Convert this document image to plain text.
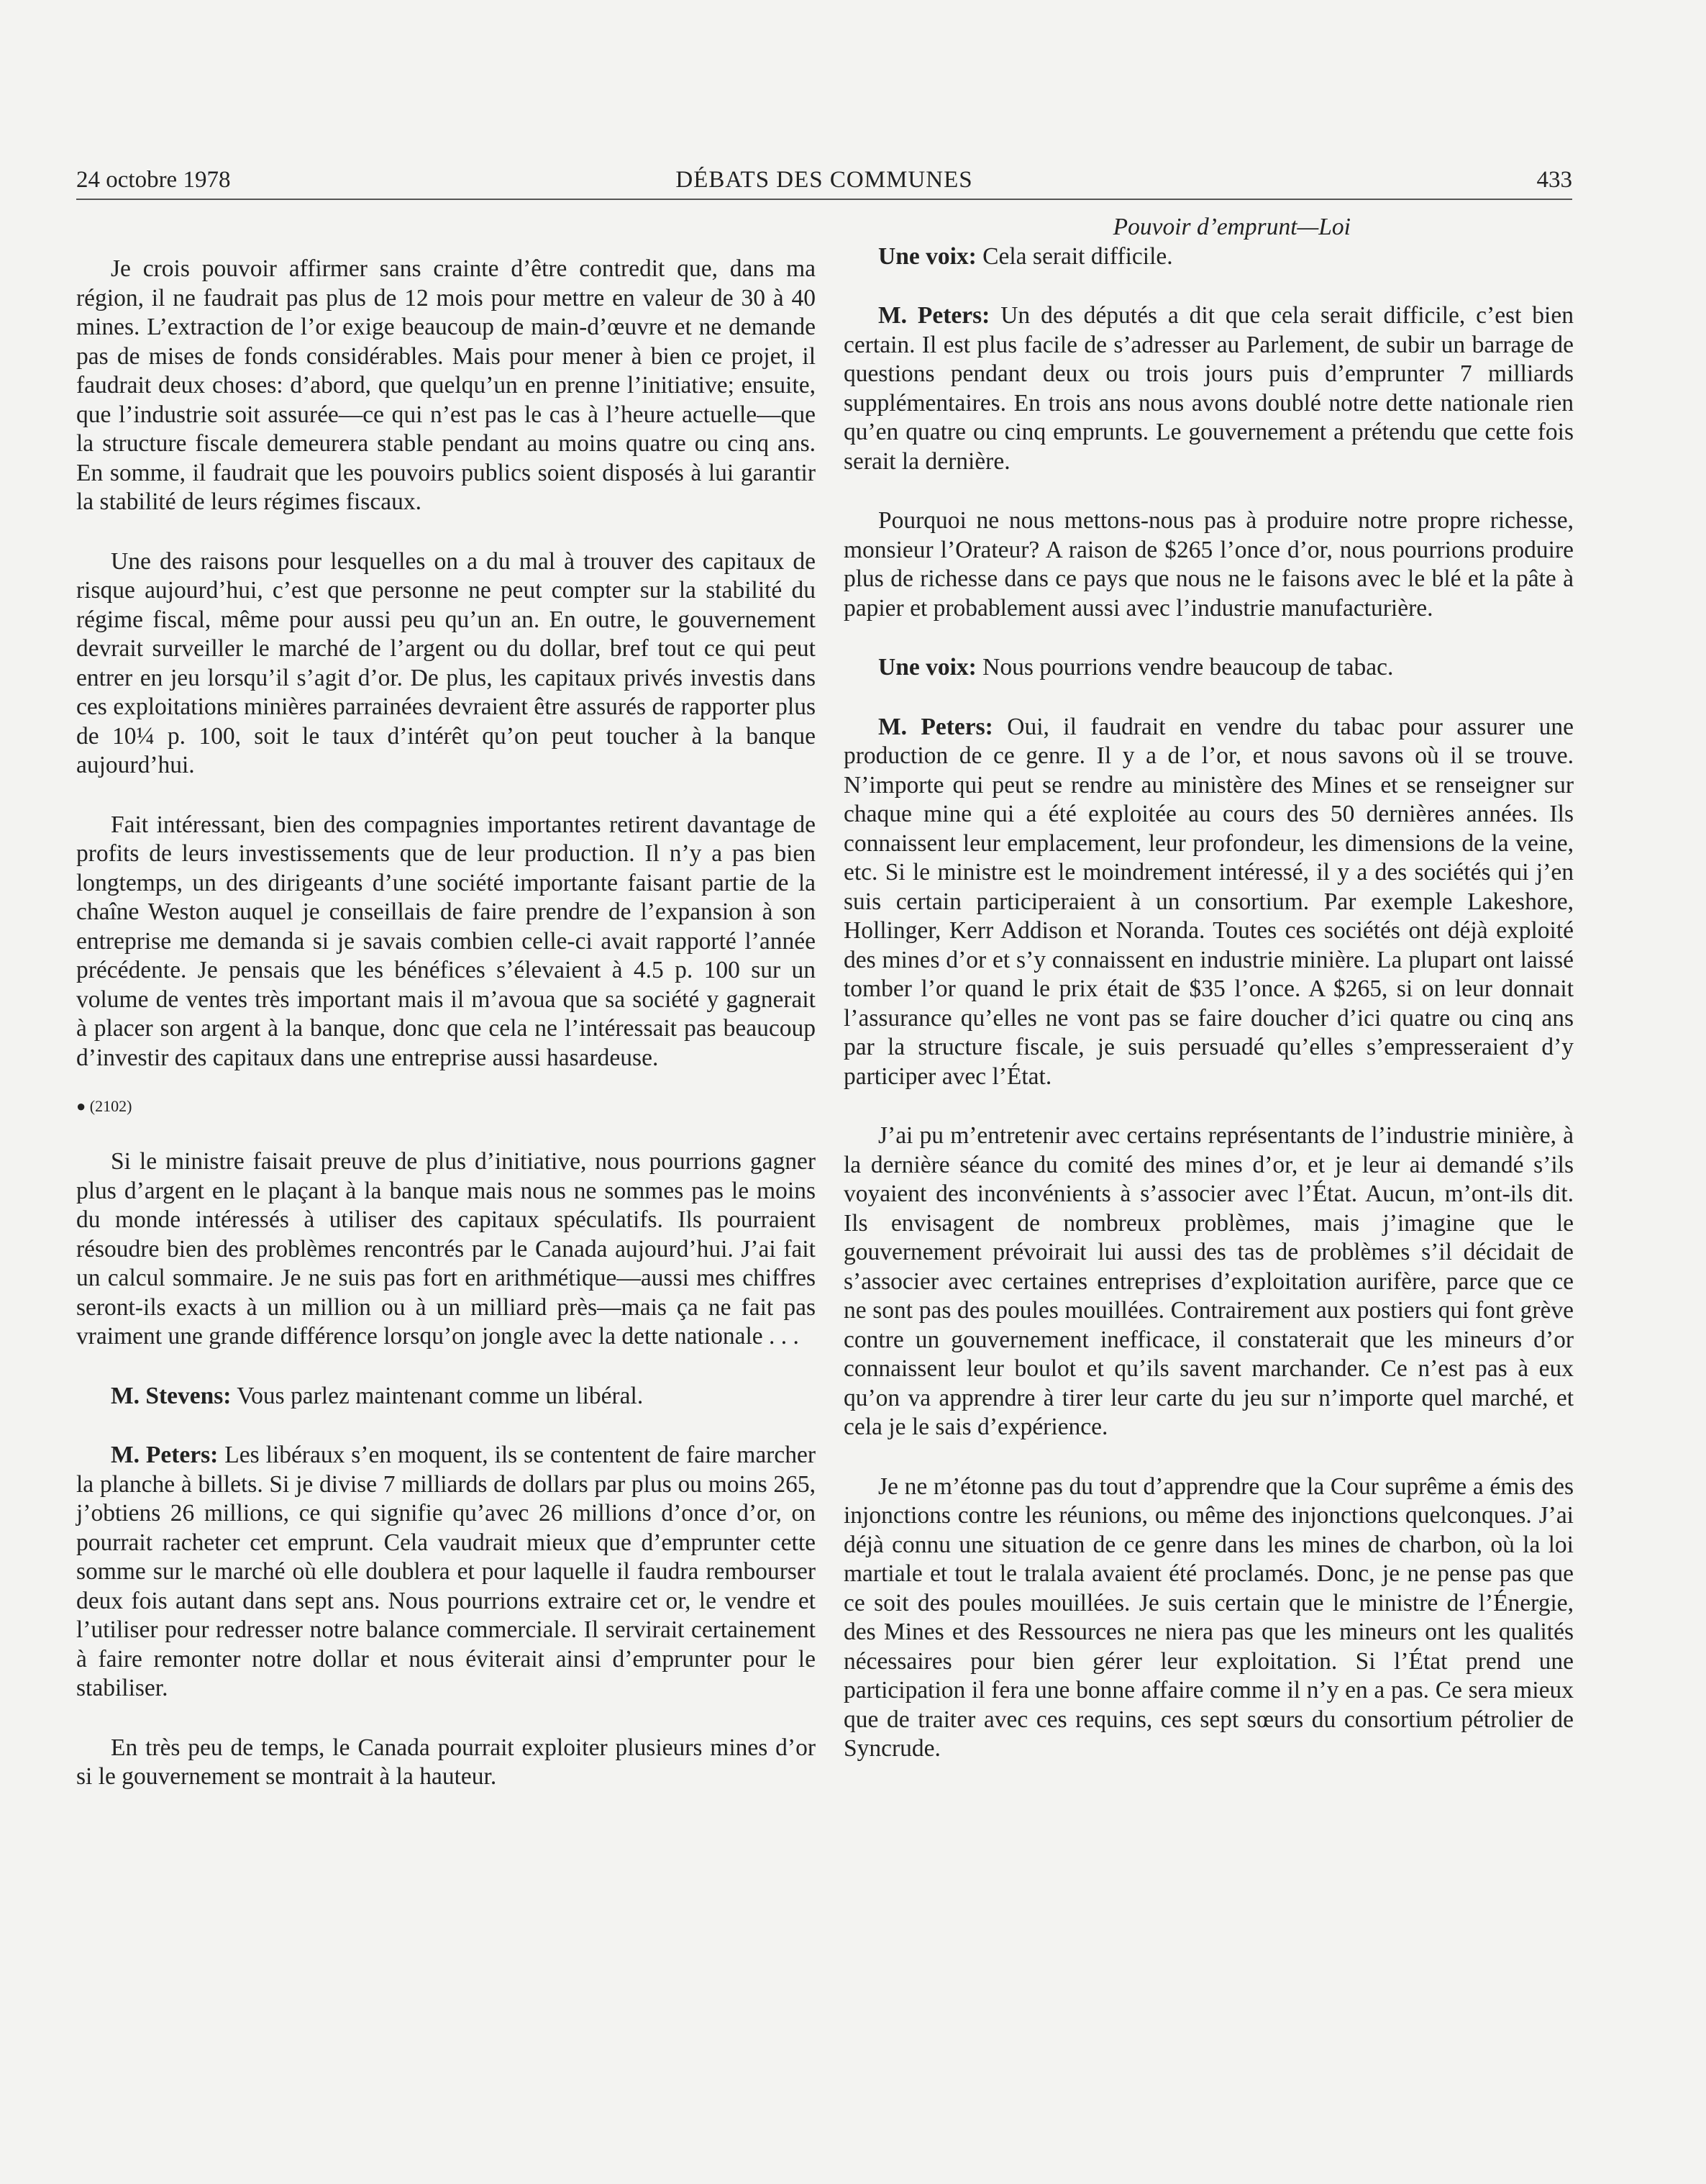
24 octobre 1978	DÉBATS DES COMMUNES	433

Je crois pouvoir affirmer sans crainte d’être contredit que, dans ma région, il ne faudrait pas plus de 12 mois pour mettre en valeur de 30 à 40 mines. L’extraction de l’or exige beaucoup de main-d’œuvre et ne demande pas de mises de fonds considérables. Mais pour mener à bien ce projet, il faudrait deux choses: d’abord, que quelqu’un en prenne l’initiative; ensuite, que l’industrie soit assurée—ce qui n’est pas le cas à l’heure actuelle—que la structure fiscale demeurera stable pendant au moins quatre ou cinq ans. En somme, il faudrait que les pouvoirs publics soient disposés à lui garantir la stabilité de leurs régimes fiscaux.

Une des raisons pour lesquelles on a du mal à trouver des capitaux de risque aujourd’hui, c’est que personne ne peut compter sur la stabilité du régime fiscal, même pour aussi peu qu’un an. En outre, le gouvernement devrait surveiller le marché de l’argent ou du dollar, bref tout ce qui peut entrer en jeu lorsqu’il s’agit d’or. De plus, les capitaux privés investis dans ces exploitations minières parrainées devraient être assurés de rapporter plus de 10¼ p. 100, soit le taux d’intérêt qu’on peut toucher à la banque aujourd’hui.

Fait intéressant, bien des compagnies importantes retirent davantage de profits de leurs investissements que de leur production. Il n’y a pas bien longtemps, un des dirigeants d’une société importante faisant partie de la chaîne Weston auquel je conseillais de faire prendre de l’expansion à son entreprise me demanda si je savais combien celle-ci avait rapporté l’année précédente. Je pensais que les bénéfices s’élevaient à 4.5 p. 100 sur un volume de ventes très important mais il m’avoua que sa société y gagnerait à placer son argent à la banque, donc que cela ne l’intéressait pas beaucoup d’investir des capitaux dans une entreprise aussi hasardeuse.

● (2102)

Si le ministre faisait preuve de plus d’initiative, nous pourrions gagner plus d’argent en le plaçant à la banque mais nous ne sommes pas le moins du monde intéressés à utiliser des capitaux spéculatifs. Ils pourraient résoudre bien des problèmes rencontrés par le Canada aujourd’hui. J’ai fait un calcul sommaire. Je ne suis pas fort en arithmétique—aussi mes chiffres seront-ils exacts à un million ou à un milliard près—mais ça ne fait pas vraiment une grande différence lorsqu’on jongle avec la dette nationale . . .

M. Stevens: Vous parlez maintenant comme un libéral.

M. Peters: Les libéraux s’en moquent, ils se contentent de faire marcher la planche à billets. Si je divise 7 milliards de dollars par plus ou moins 265, j’obtiens 26 millions, ce qui signifie qu’avec 26 millions d’once d’or, on pourrait racheter cet emprunt. Cela vaudrait mieux que d’emprunter cette somme sur le marché où elle doublera et pour laquelle il faudra rembourser deux fois autant dans sept ans. Nous pourrions extraire cet or, le vendre et l’utiliser pour redresser notre balance commerciale. Il servirait certainement à faire remonter notre dollar et nous éviterait ainsi d’emprunter pour le stabiliser.

En très peu de temps, le Canada pourrait exploiter plusieurs mines d’or si le gouvernement se montrait à la hauteur.

Pouvoir d’emprunt—Loi

Une voix: Cela serait difficile.

M. Peters: Un des députés a dit que cela serait difficile, c’est bien certain. Il est plus facile de s’adresser au Parlement, de subir un barrage de questions pendant deux ou trois jours puis d’emprunter 7 milliards supplémentaires. En trois ans nous avons doublé notre dette nationale rien qu’en quatre ou cinq emprunts. Le gouvernement a prétendu que cette fois serait la dernière.

Pourquoi ne nous mettons-nous pas à produire notre propre richesse, monsieur l’Orateur? A raison de $265 l’once d’or, nous pourrions produire plus de richesse dans ce pays que nous ne le faisons avec le blé et la pâte à papier et probablement aussi avec l’industrie manufacturière.

Une voix: Nous pourrions vendre beaucoup de tabac.

M. Peters: Oui, il faudrait en vendre du tabac pour assurer une production de ce genre. Il y a de l’or, et nous savons où il se trouve. N’importe qui peut se rendre au ministère des Mines et se renseigner sur chaque mine qui a été exploitée au cours des 50 dernières années. Ils connaissent leur emplacement, leur profondeur, les dimensions de la veine, etc. Si le ministre est le moindrement intéressé, il y a des sociétés qui j’en suis certain participeraient à un consortium. Par exemple Lakeshore, Hollinger, Kerr Addison et Noranda. Toutes ces sociétés ont déjà exploité des mines d’or et s’y connaissent en industrie minière. La plupart ont laissé tomber l’or quand le prix était de $35 l’once. A $265, si on leur donnait l’assurance qu’elles ne vont pas se faire doucher d’ici quatre ou cinq ans par la structure fiscale, je suis persuadé qu’elles s’empresseraient d’y participer avec l’État.

J’ai pu m’entretenir avec certains représentants de l’industrie minière, à la dernière séance du comité des mines d’or, et je leur ai demandé s’ils voyaient des inconvénients à s’associer avec l’État. Aucun, m’ont-ils dit. Ils envisagent de nombreux problèmes, mais j’imagine que le gouvernement prévoirait lui aussi des tas de problèmes s’il décidait de s’associer avec certaines entreprises d’exploitation aurifère, parce que ce ne sont pas des poules mouillées. Contrairement aux postiers qui font grève contre un gouvernement inefficace, il constaterait que les mineurs d’or connaissent leur boulot et qu’ils savent marchander. Ce n’est pas à eux qu’on va apprendre à tirer leur carte du jeu sur n’importe quel marché, et cela je le sais d’expérience.

Je ne m’étonne pas du tout d’apprendre que la Cour suprême a émis des injonctions contre les réunions, ou même des injonctions quelconques. J’ai déjà connu une situation de ce genre dans les mines de charbon, où la loi martiale et tout le tralala avaient été proclamés. Donc, je ne pense pas que ce soit des poules mouillées. Je suis certain que le ministre de l’Énergie, des Mines et des Ressources ne niera pas que les mineurs ont les qualités nécessaires pour bien gérer leur exploitation. Si l’État prend une participation il fera une bonne affaire comme il n’y en a pas. Ce sera mieux que de traiter avec ces requins, ces sept sœurs du consortium pétrolier de Syncrude.
